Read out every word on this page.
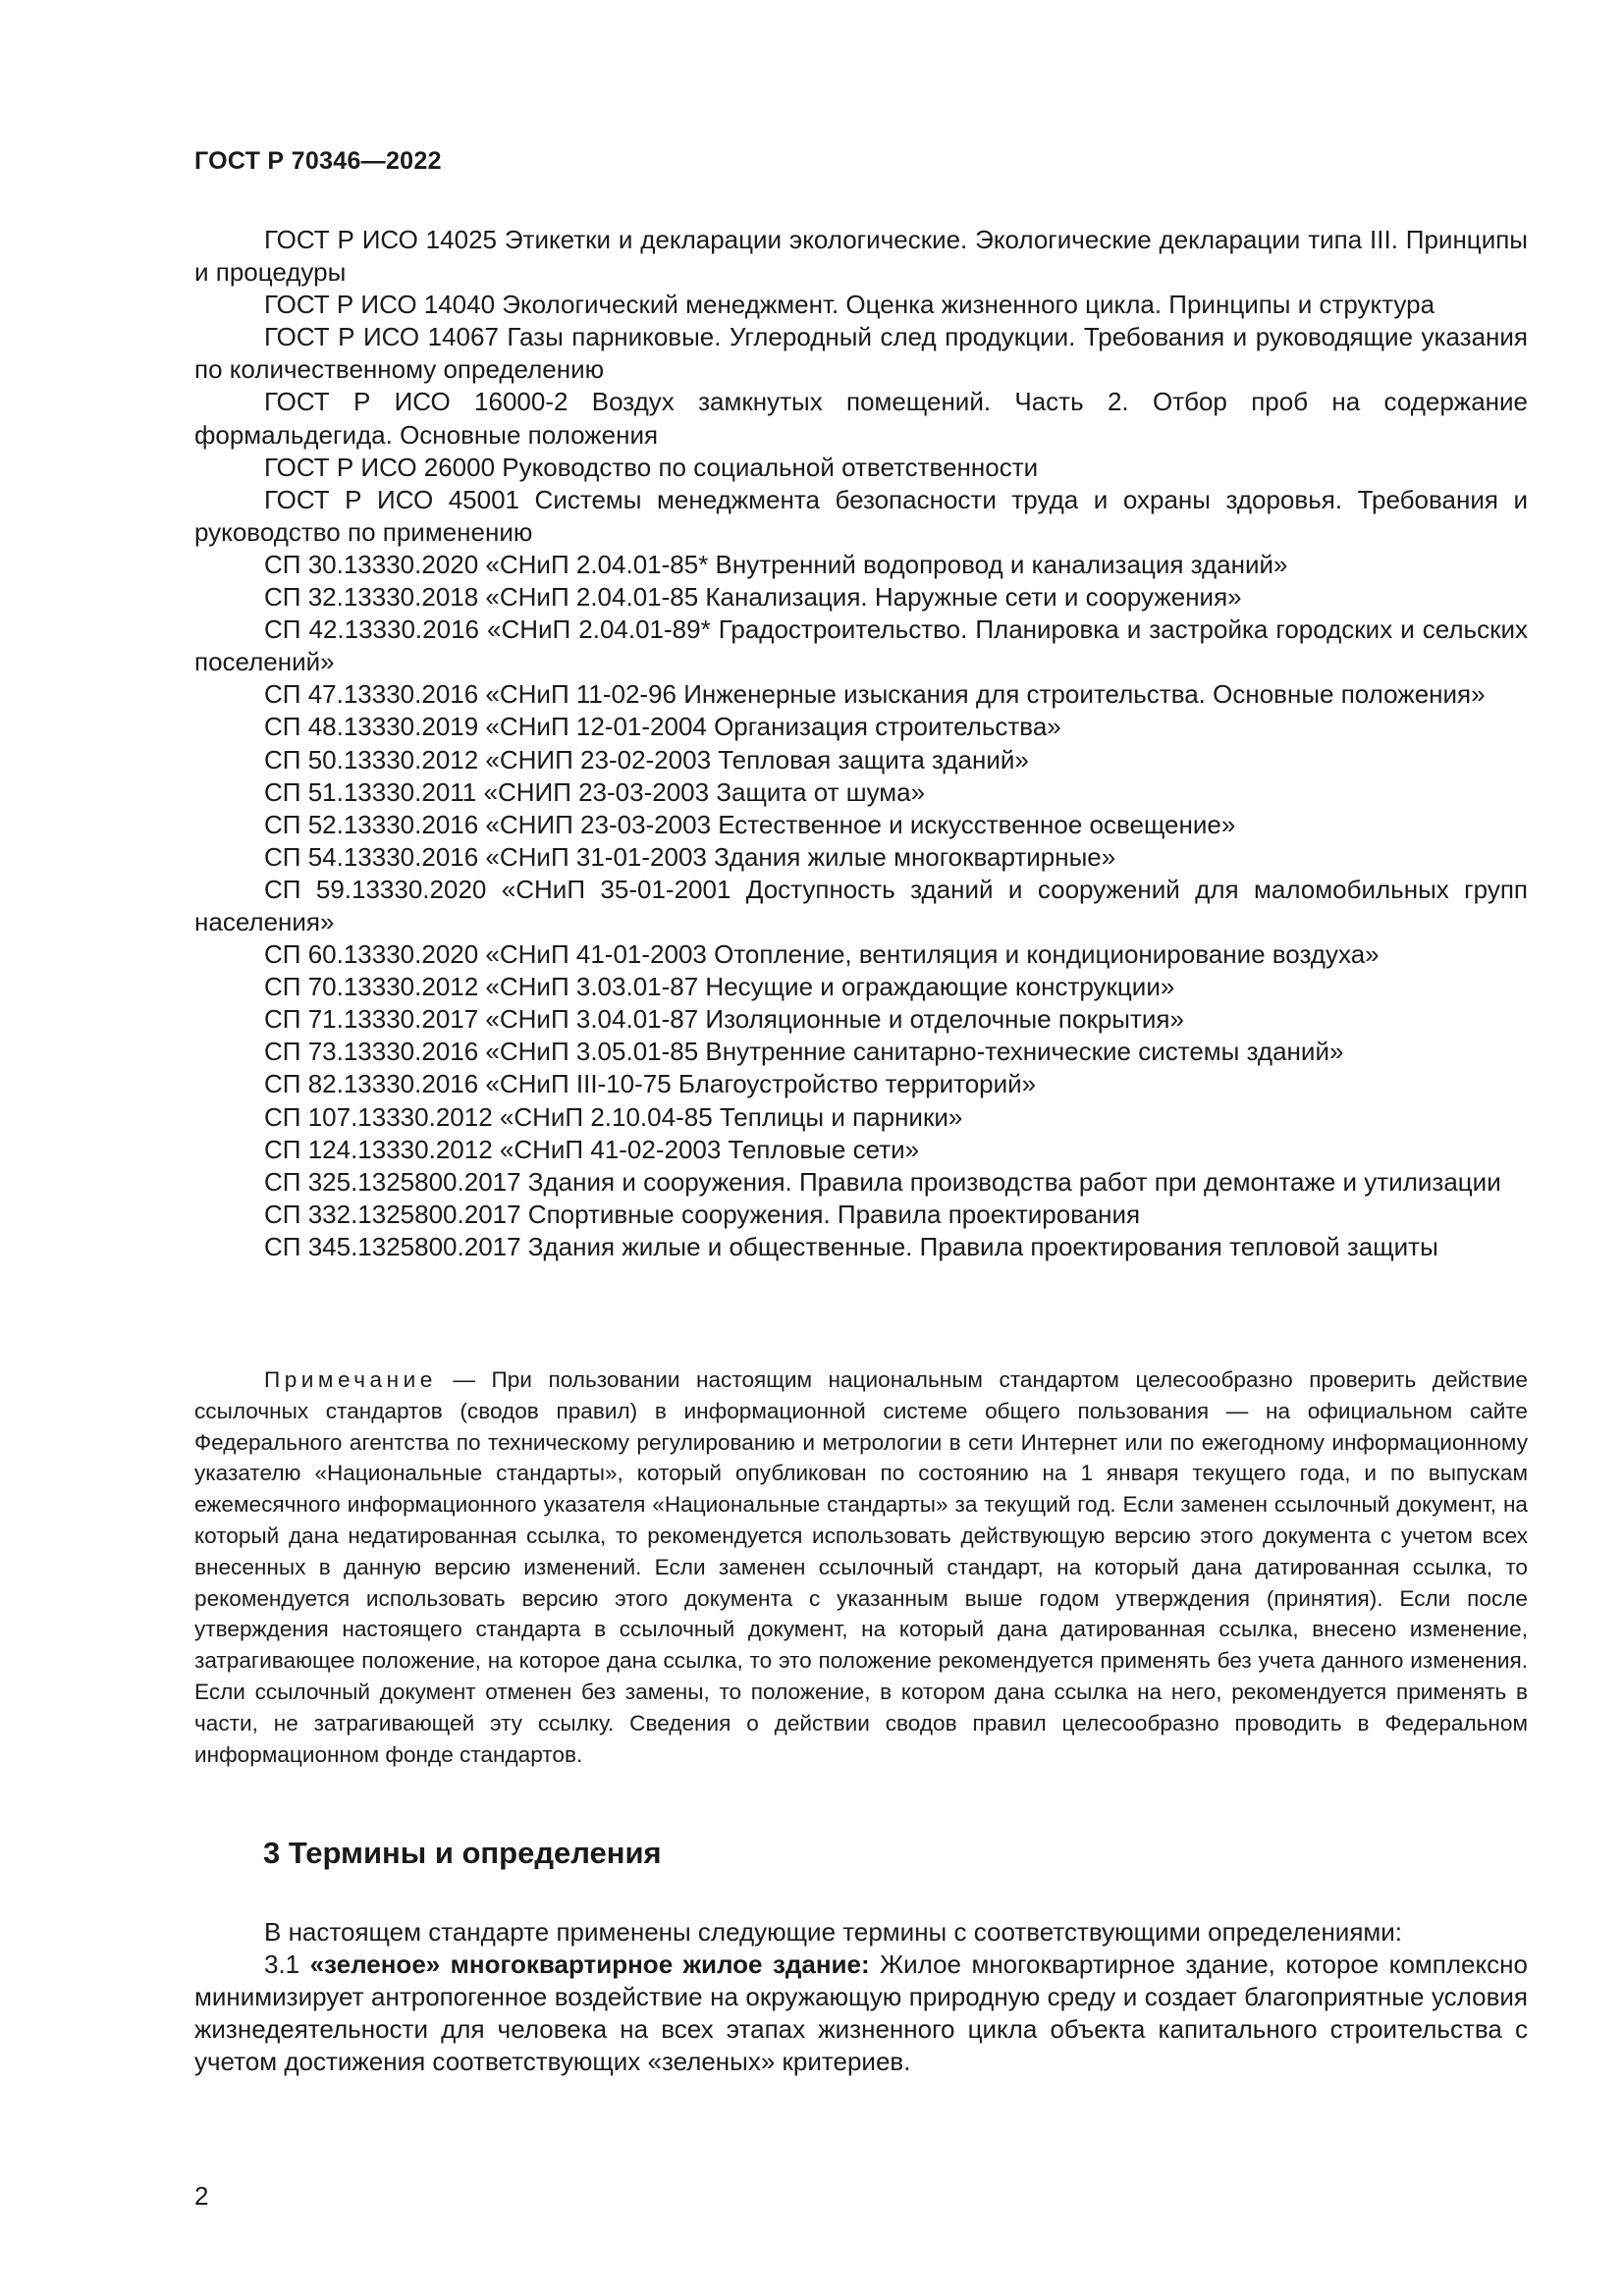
ГОСТ Р 70346—2022

ГОСТ Р ИСО 14025 Этикетки и декларации экологические. Экологические декларации типа III. Принципы и процедуры

ГОСТ Р ИСО 14040 Экологический менеджмент. Оценка жизненного цикла. Принципы и структура

ГОСТ Р ИСО 14067 Газы парниковые. Углеродный след продукции. Требования и руководящие указания по количественному определению

ГОСТ Р ИСО 16000-2 Воздух замкнутых помещений. Часть 2. Отбор проб на содержание формальдегида. Основные положения

ГОСТ Р ИСО 26000 Руководство по социальной ответственности

ГОСТ Р ИСО 45001 Системы менеджмента безопасности труда и охраны здоровья. Требования и руководство по применению

СП 30.13330.2020 «СНиП 2.04.01-85* Внутренний водопровод и канализация зданий»

СП 32.13330.2018 «СНиП 2.04.01-85 Канализация. Наружные сети и сооружения»

СП 42.13330.2016 «СНиП 2.04.01-89* Градостроительство. Планировка и застройка городских и сельских поселений»

СП 47.13330.2016 «СНиП 11-02-96 Инженерные изыскания для строительства. Основные положения»

СП 48.13330.2019 «СНиП 12-01-2004 Организация строительства»

СП 50.13330.2012 «СНИП 23-02-2003 Тепловая защита зданий»

СП 51.13330.2011 «СНИП 23-03-2003 Защита от шума»

СП 52.13330.2016 «СНИП 23-03-2003 Естественное и искусственное освещение»

СП 54.13330.2016 «СНиП 31-01-2003 Здания жилые многоквартирные»

СП 59.13330.2020 «СНиП 35-01-2001 Доступность зданий и сооружений для маломобильных групп населения»

СП 60.13330.2020 «СНиП 41-01-2003 Отопление, вентиляция и кондиционирование воздуха»

СП 70.13330.2012 «СНиП 3.03.01-87 Несущие и ограждающие конструкции»

СП 71.13330.2017 «СНиП 3.04.01-87 Изоляционные и отделочные покрытия»

СП 73.13330.2016 «СНиП 3.05.01-85 Внутренние санитарно-технические системы зданий»

СП 82.13330.2016 «СНиП III-10-75 Благоустройство территорий»

СП 107.13330.2012 «СНиП 2.10.04-85 Теплицы и парники»

СП 124.13330.2012 «СНиП 41-02-2003 Тепловые сети»

СП 325.1325800.2017 Здания и сооружения. Правила производства работ при демонтаже и утилизации

СП 332.1325800.2017 Спортивные сооружения. Правила проектирования

СП 345.1325800.2017 Здания жилые и общественные. Правила проектирования тепловой защиты

Примечание — При пользовании настоящим национальным стандартом целесообразно проверить действие ссылочных стандартов (сводов правил) в информационной системе общего пользования — на официальном сайте Федерального агентства по техническому регулированию и метрологии в сети Интернет или по ежегодному информационному указателю «Национальные стандарты», который опубликован по состоянию на 1 января текущего года, и по выпускам ежемесячного информационного указателя «Национальные стандарты» за текущий год. Если заменен ссылочный документ, на который дана недатированная ссылка, то рекомендуется использовать действующую версию этого документа с учетом всех внесенных в данную версию изменений. Если заменен ссылочный стандарт, на который дана датированная ссылка, то рекомендуется использовать версию этого документа с указанным выше годом утверждения (принятия). Если после утверждения настоящего стандарта в ссылочный документ, на который дана датированная ссылка, внесено изменение, затрагивающее положение, на которое дана ссылка, то это положение рекомендуется применять без учета данного изменения. Если ссылочный документ отменен без замены, то положение, в котором дана ссылка на него, рекомендуется применять в части, не затрагивающей эту ссылку. Сведения о действии сводов правил целесообразно проводить в Федеральном информационном фонде стандартов.

3 Термины и определения

В настоящем стандарте применены следующие термины с соответствующими определениями:

3.1 «зеленое» многоквартирное жилое здание: Жилое многоквартирное здание, которое комплексно минимизирует антропогенное воздействие на окружающую природную среду и создает благоприятные условия жизнедеятельности для человека на всех этапах жизненного цикла объекта капитального строительства с учетом достижения соответствующих «зеленых» критериев.

2
